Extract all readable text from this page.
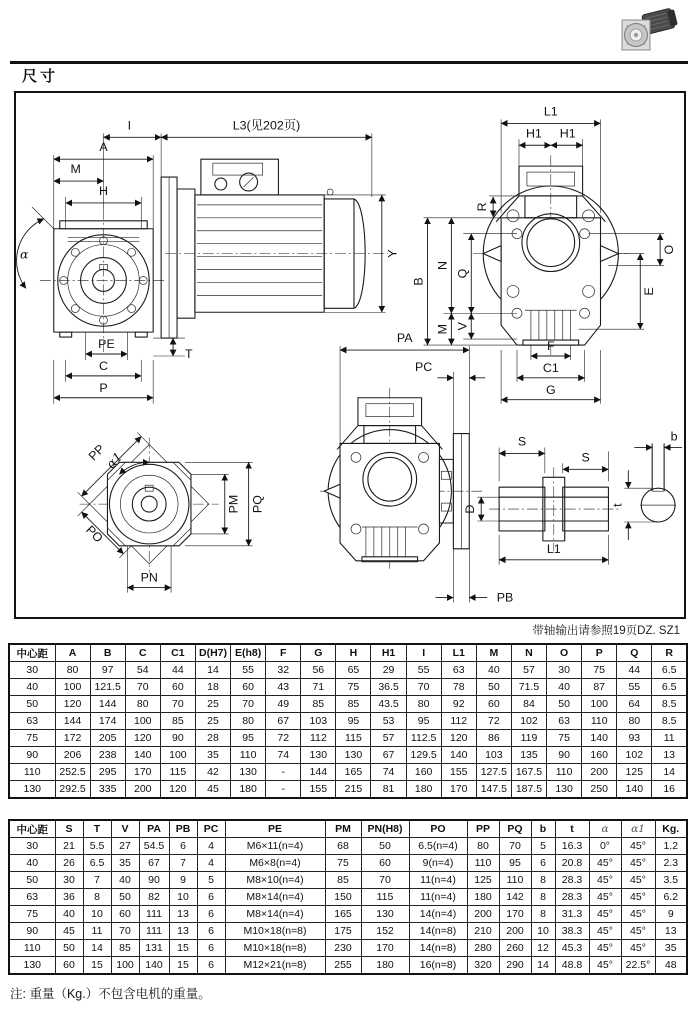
尺寸
I	L3(见202页)
A
M
H
α	Y
T
PE
C
P
L1
H1 H1
R
B
N
Q
M V
O
E
F
C1
G
PP
α1
PO
PN
PM PQ
PA
PC
PB
S
S
D
L1
b
t
带轴输出请参照19页DZ. SZ1
中心距	A	B	C	C1	D(H7)	E(h8)	F	G	H	H1	I	L1	M	N	O	P	Q	R
30	80	97	54	44	14	55	32	56	65	29	55	63	40	57	30	75	44	6.5
40	100	121.5	70	60	18	60	43	71	75	36.5	70	78	50	71.5	40	87	55	6.5
50	120	144	80	70	25	70	49	85	85	43.5	80	92	60	84	50	100	64	8.5
63	144	174	100	85	25	80	67	103	95	53	95	112	72	102	63	110	80	8.5
75	172	205	120	90	28	95	72	112	115	57	112.5	120	86	119	75	140	93	11
90	206	238	140	100	35	110	74	130	130	67	129.5	140	103	135	90	160	102	13
110	252.5	295	170	115	42	130	-	144	165	74	160	155	127.5	167.5	110	200	125	14
130	292.5	335	200	120	45	180	-	155	215	81	180	170	147.5	187.5	130	250	140	16
中心距	S	T	V	PA	PB	PC	PE	PM	PN(H8)	PO	PP	PQ	b	t	α	α1	Kg.
30	21	5.5	27	54.5	6	4	M6×11(n=4)	68	50	6.5(n=4)	80	70	5	16.3	0°	45°	1.2
40	26	6.5	35	67	7	4	M6×8(n=4)	75	60	9(n=4)	110	95	6	20.8	45°	45°	2.3
50	30	7	40	90	9	5	M8×10(n=4)	85	70	11(n=4)	125	110	8	28.3	45°	45°	3.5
63	36	8	50	82	10	6	M8×14(n=4)	150	115	11(n=4)	180	142	8	28.3	45°	45°	6.2
75	40	10	60	111	13	6	M8×14(n=4)	165	130	14(n=4)	200	170	8	31.3	45°	45°	9
90	45	11	70	111	13	6	M10×18(n=8)	175	152	14(n=8)	210	200	10	38.3	45°	45°	13
110	50	14	85	131	15	6	M10×18(n=8)	230	170	14(n=8)	280	260	12	45.3	45°	45°	35
130	60	15	100	140	15	6	M12×21(n=8)	255	180	16(n=8)	320	290	14	48.8	45°	22.5°	48
注: 重量（Kg.）不包含电机的重量。
